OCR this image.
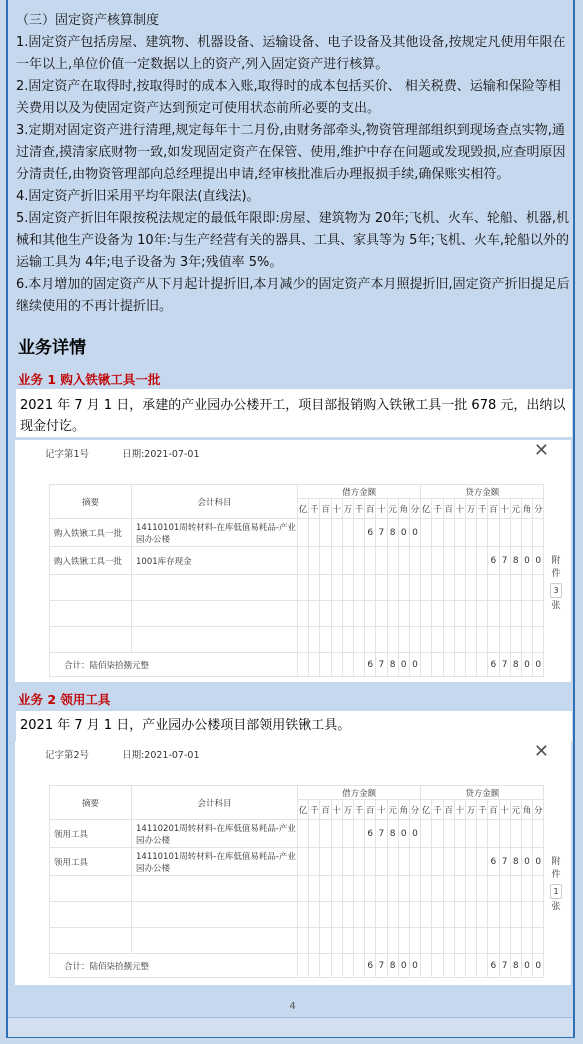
（三）固定资产核算制度
1.固定资产包括房屋、建筑物、机器设备、运输设备、电子设备及其他设备,按规定凡使用年限在一年以上,单位价值一定数据以上的资产,列入固定资产进行核算。
2.固定资产在取得时,按取得时的成本入账,取得时的成本包括买价、 相关税费、运输和保险等相关费用以及为使固定资产达到预定可使用状态前所必要的支出。
3.定期对固定资产进行清理,规定每年十二月份,由财务部牵头,物资管理部组织到现场查点实物,通过清查,摸清家底财物一致,如发现固定资产在保管、使用,维护中存在问题或发现毁损,应查明原因分清责任,由物资管理部向总经理提出申请,经审核批准后办理报损手续,确保账实相符。
4.固定资产折旧采用平均年限法(直线法)。
5.固定资产折旧年限按税法规定的最低年限即:房屋、建筑物为 20年;飞机、火车、轮船、机器,机械和其他生产设备为 10年:与生产经营有关的器具、工具、家具等为 5年;飞机、火车,轮船以外的运输工具为 4年;电子设备为 3年;残值率 5%。
6.本月增加的固定资产从下月起计提折旧,本月减少的固定资产本月照提折旧,固定资产折旧提足后继续使用的不再计提折旧。
业务详情
业务 1 购入铁锹工具一批
2021 年 7 月 1 日，承建的产业园办公楼开工，项目部报销购入铁锹工具一批 678 元，出纳以现金付讫。
记字第1号	日期:2021-07-01	✕
附件
3
张
摘要	会计科目	借方金额											贷方金额										
		亿	千	百	十	万	千	百	十	元	角	分	亿	千	百	十	万	千	百	十	元	角	分
购入铁锹工具一批	14110101周转材料-在库低值易耗品-产业园办公楼							6	7	8	0	0											
购入铁锹工具一批	1001库存现金																		6	7	8	0	0

合计：陆佰柒拾捌元整								6	7	8	0	0							6	7	8	0	0
业务 2 领用工具
2021 年 7 月 1 日，产业园办公楼项目部领用铁锹工具。
记字第2号	日期:2021-07-01	✕
附件
1
张
摘要	会计科目	借方金额											贷方金额										
		亿	千	百	十	万	千	百	十	元	角	分	亿	千	百	十	万	千	百	十	元	角	分
领用工具	14110201周转材料-在库低值易耗品-产业园办公楼							6	7	8	0	0											
领用工具	14110101周转材料-在库低值易耗品-产业园办公楼																		6	7	8	0	0

合计：陆佰柒拾捌元整								6	7	8	0	0							6	7	8	0	0
4
